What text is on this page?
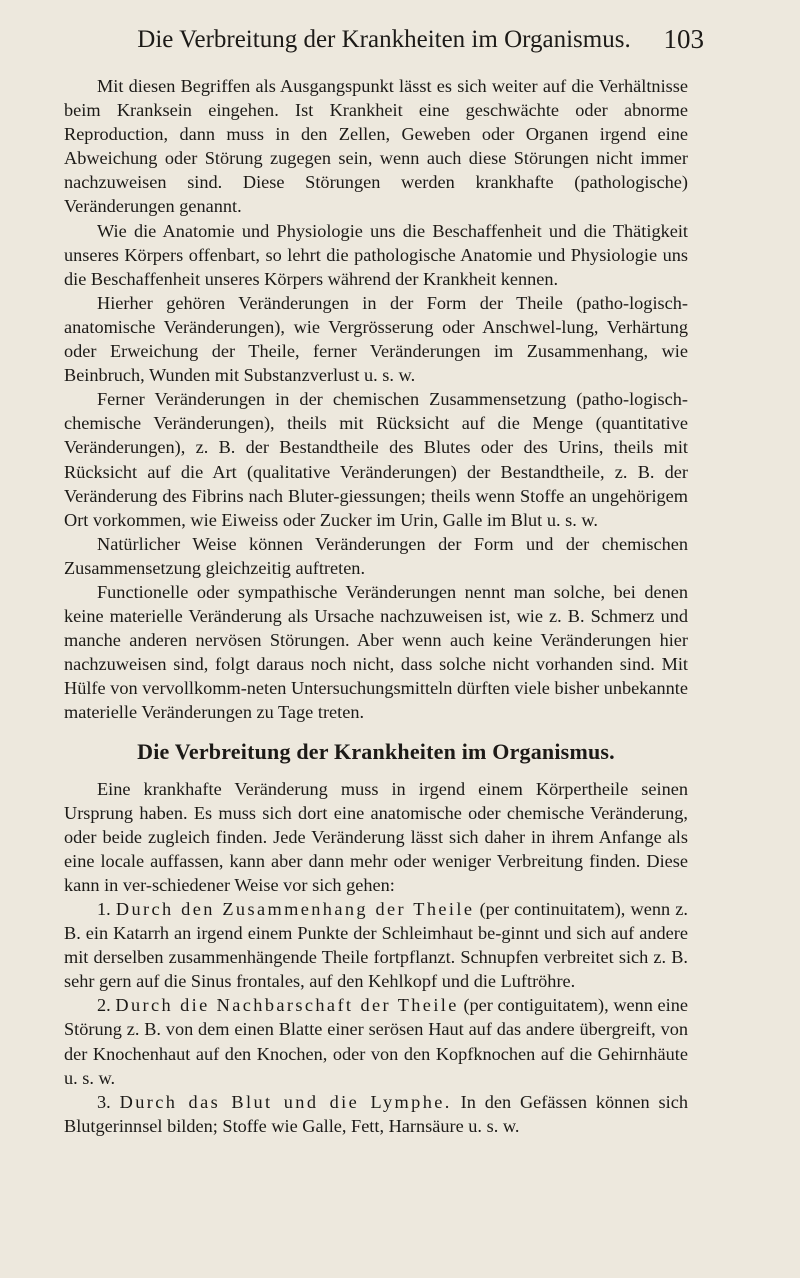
Die Verbreitung der Krankheiten im Organismus. 103

Mit diesen Begriffen als Ausgangspunkt lässt es sich weiter auf die Verhältnisse beim Kranksein eingehen. Ist Krankheit eine geschwächte oder abnorme Reproduction, dann muss in den Zellen, Geweben oder Organen irgend eine Abweichung oder Störung zugegen sein, wenn auch diese Störungen nicht immer nachzuweisen sind. Diese Störungen werden krankhafte (pathologische) Veränderungen genannt.

Wie die Anatomie und Physiologie uns die Beschaffenheit und die Thätigkeit unseres Körpers offenbart, so lehrt die pathologische Anatomie und Physiologie uns die Beschaffenheit unseres Körpers während der Krankheit kennen.

Hierher gehören Veränderungen in der Form der Theile (patho-logisch-anatomische Veränderungen), wie Vergrösserung oder Anschwel-lung, Verhärtung oder Erweichung der Theile, ferner Veränderungen im Zusammenhang, wie Beinbruch, Wunden mit Substanzverlust u. s. w.

Ferner Veränderungen in der chemischen Zusammensetzung (patho-logisch-chemische Veränderungen), theils mit Rücksicht auf die Menge (quantitative Veränderungen), z. B. der Bestandtheile des Blutes oder des Urins, theils mit Rücksicht auf die Art (qualitative Veränderungen) der Bestandtheile, z. B. der Veränderung des Fibrins nach Bluter-giessungen; theils wenn Stoffe an ungehörigem Ort vorkommen, wie Eiweiss oder Zucker im Urin, Galle im Blut u. s. w.

Natürlicher Weise können Veränderungen der Form und der chemischen Zusammensetzung gleichzeitig auftreten.

Functionelle oder sympathische Veränderungen nennt man solche, bei denen keine materielle Veränderung als Ursache nachzuweisen ist, wie z. B. Schmerz und manche anderen nervösen Störungen. Aber wenn auch keine Veränderungen hier nachzuweisen sind, folgt daraus noch nicht, dass solche nicht vorhanden sind. Mit Hülfe von vervollkomm-neten Untersuchungsmitteln dürften viele bisher unbekannte materielle Veränderungen zu Tage treten.

Die Verbreitung der Krankheiten im Organismus.

Eine krankhafte Veränderung muss in irgend einem Körpertheile seinen Ursprung haben. Es muss sich dort eine anatomische oder chemische Veränderung, oder beide zugleich finden. Jede Veränderung lässt sich daher in ihrem Anfange als eine locale auffassen, kann aber dann mehr oder weniger Verbreitung finden. Diese kann in ver-schiedener Weise vor sich gehen:

1. Durch den Zusammenhang der Theile (per continuitatem), wenn z. B. ein Katarrh an irgend einem Punkte der Schleimhaut be-ginnt und sich auf andere mit derselben zusammenhängende Theile fortpflanzt. Schnupfen verbreitet sich z. B. sehr gern auf die Sinus frontales, auf den Kehlkopf und die Luftröhre.

2. Durch die Nachbarschaft der Theile (per contiguitatem), wenn eine Störung z. B. von dem einen Blatte einer serösen Haut auf das andere übergreift, von der Knochenhaut auf den Knochen, oder von den Kopfknochen auf die Gehirnhäute u. s. w.

3. Durch das Blut und die Lymphe. In den Gefässen können sich Blutgerinnsel bilden; Stoffe wie Galle, Fett, Harnsäure u. s. w.
